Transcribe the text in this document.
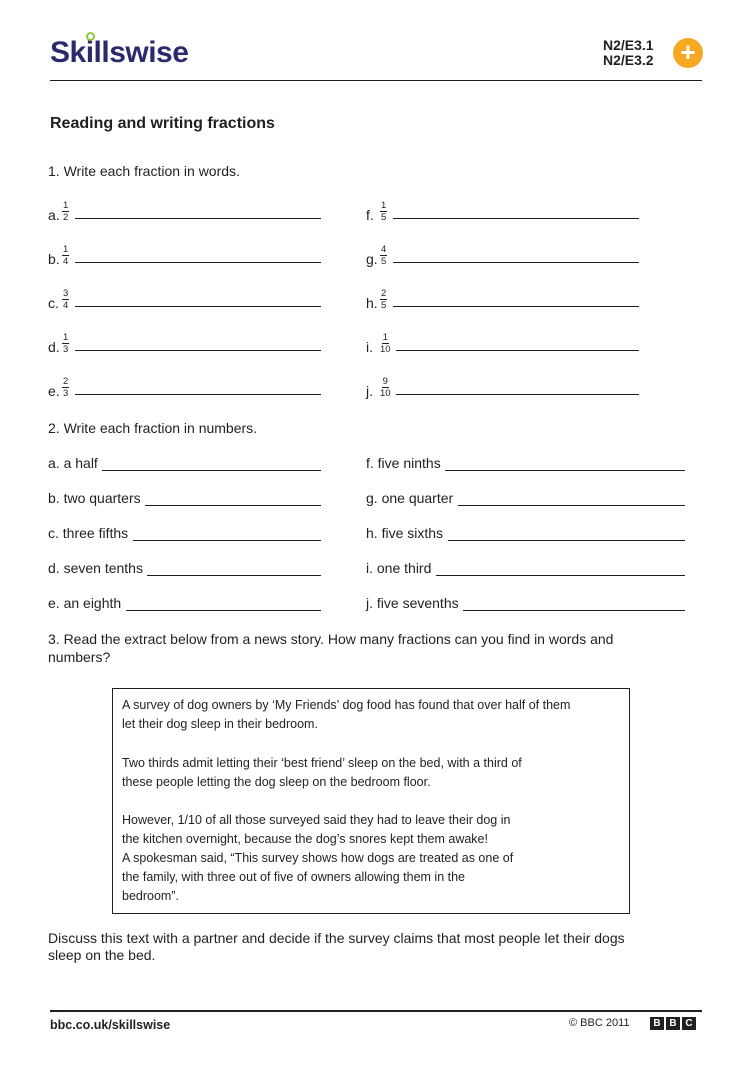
Skillswise	N2/E3.1
N2/E3.2 +
Reading and writing fractions
1. Write each fraction in words.
a. $\frac{1}{2}$
b. $\frac{1}{4}$
c. $\frac{3}{4}$
d. $\frac{1}{3}$
e. $\frac{2}{3}$
f. $\frac{1}{5}$
g. $\frac{4}{5}$
h. $\frac{2}{5}$
i. $\frac{1}{10}$
j. $\frac{9}{10}$
2. Write each fraction in numbers.
a. a half
b. two quarters
c. three fifths
d. seven tenths
e. an eighth
f. five ninths
g. one quarter
h. five sixths
i. one third
j. five sevenths
3. Read the extract below from a news story. How many fractions can you find in words and
numbers?
A survey of dog owners by ‘My Friends’ dog food has found that over half of them
let their dog sleep in their bedroom.
Two thirds admit letting their ‘best friend’ sleep on the bed, with a third of
these people letting the dog sleep on the bedroom floor.
However, 1/10 of all those surveyed said they had to leave their dog in
the kitchen overnight, because the dog’s snores kept them awake!
A spokesman said, “This survey shows how dogs are treated as one of
the family, with three out of five of owners allowing them in the
bedroom”.
Discuss this text with a partner and decide if the survey claims that most people let their dogs
sleep on the bed.
bbc.co.uk/skillswise	© BBC 2011	B B C
